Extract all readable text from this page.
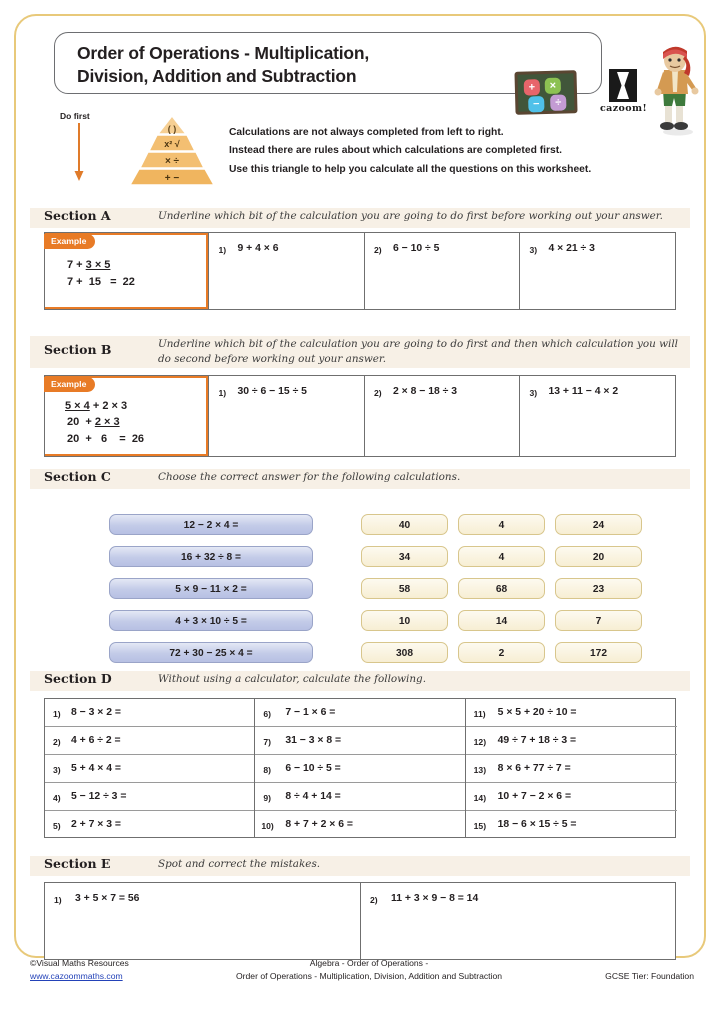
Order of Operations - Multiplication,
Division, Addition and Subtraction
+	×
−	÷	cazoom!
Do first
( )
x² √
× ÷
+ −
Calculations are not always completed from left to right.
Instead there are rules about which calculations are completed first.
Use this triangle to help you calculate all the questions on this worksheet.
Section A	Underline which bit of the calculation you are going to do first before working out your answer.
Example
7 + 3 × 5
7 +  15   =  22
1) 9 + 4 × 6	2) 6 − 10 ÷ 5	3) 4 × 21 ÷ 3
Section B	Underline which bit of the calculation you are going to do first and then which calculation you will do second before working out your answer.
Example
5 × 4 + 2 × 3
20  + 2 × 3
20  +   6    =  26
1) 30 ÷ 6 − 15 ÷ 5	2) 2 × 8 − 18 ÷ 3	3) 13 + 11 − 4 × 2
Section C	Choose the correct answer for the following calculations.
12 − 2 × 4 =	40	4	24
16 + 32 ÷ 8 =	34	4	20
5 × 9 − 11 × 2 =	58	68	23
4 + 3 × 10 ÷ 5 =	10	14	7
72 + 30 − 25 × 4 =	308	2	172
Section D	Without using a calculator, calculate the following.
1) 8 − 3 × 2 =
2) 4 + 6 ÷ 2 =
3) 5 + 4 × 4 =
4) 5 − 12 ÷ 3 =
5) 2 + 7 × 3 =
6) 7 − 1 × 6 =
7) 31 − 3 × 8 =
8) 6 − 10 ÷ 5 =
9) 8 ÷ 4 + 14 =
10) 8 + 7 + 2 × 6 =
11) 5 × 5 + 20 ÷ 10 =
12) 49 ÷ 7 + 18 ÷ 3 =
13) 8 × 6 + 77 ÷ 7 =
14) 10 + 7 − 2 × 6 =
15) 18 − 6 × 15 ÷ 5 =
Section E	Spot and correct the mistakes.
1) 3 + 5 × 7 = 56	2) 11 + 3 × 9 − 8 = 14
©Visual Maths Resources
www.cazoommaths.com
Algebra - Order of Operations -
Order of Operations - Multiplication, Division, Addition and Subtraction	GCSE Tier: Foundation
